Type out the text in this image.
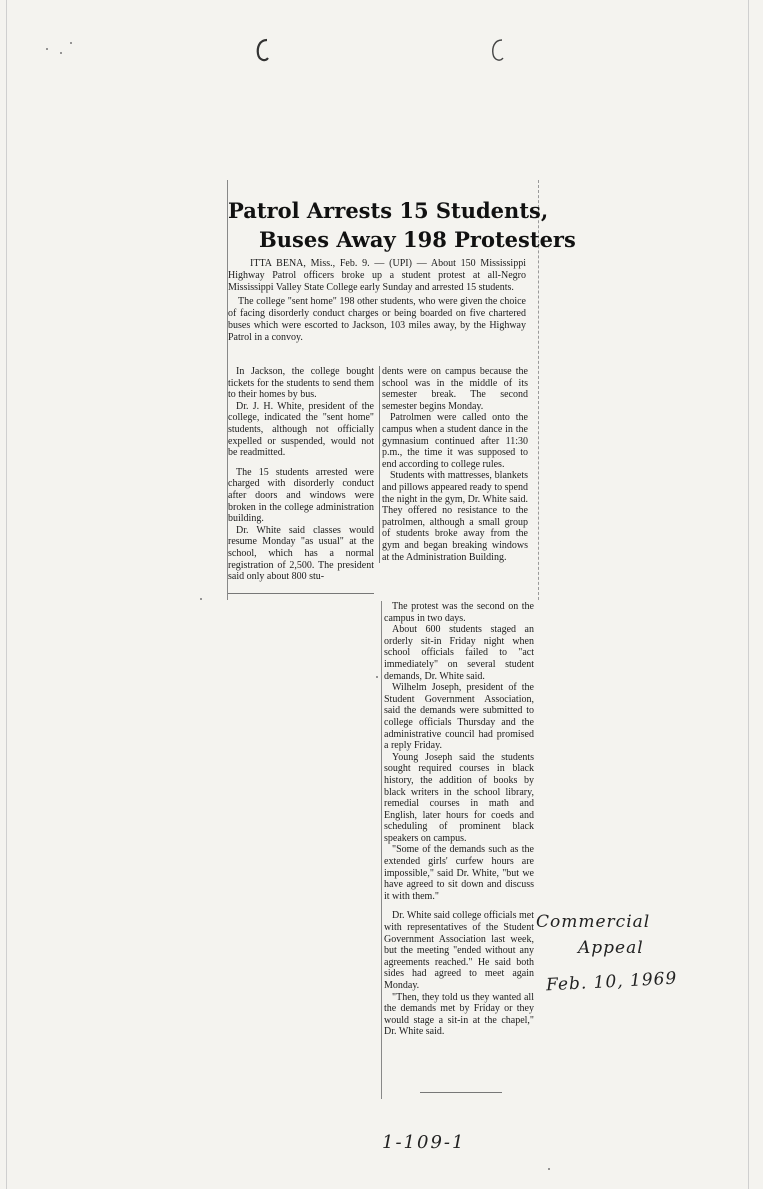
Patrol Arrests 15 Students,
Buses Away 198 Protesters
ITTA BENA, Miss., Feb. 9. — (UPI) — About 150 Mississippi Highway Patrol officers broke up a student protest at all-Negro Mississippi Valley State College early Sunday and arrested 15 students.
The college "sent home" 198 other students, who were given the choice of facing disorderly conduct charges or being boarded on five chartered buses which were escorted to Jackson, 103 miles away, by the Highway Patrol in a convoy.

In Jackson, the college bought tickets for the students to send them to their homes by bus.

Dr. J. H. White, president of the college, indicated the "sent home" students, although not officially expelled or suspended, would not be readmitted.

The 15 students arrested were charged with disorderly conduct after doors and windows were broken in the college administration building.

Dr. White said classes would resume Monday "as usual" at the school, which has a normal registration of 2,500. The president said only about 800 stu-

dents were on campus because the school was in the middle of its semester break. The second semester begins Monday.

Patrolmen were called onto the campus when a student dance in the gymnasium continued after 11:30 p.m., the time it was supposed to end according to college rules.

Students with mattresses, blankets and pillows appeared ready to spend the night in the gym, Dr. White said. They offered no resistance to the patrolmen, although a small group of students broke away from the gym and began breaking windows at the Administration Building.

The protest was the second on the campus in two days.

About 600 students staged an orderly sit-in Friday night when school officials failed to "act immediately" on several student demands, Dr. White said.

Wilhelm Joseph, president of the Student Government Association, said the demands were submitted to college officials Thursday and the administrative council had promised a reply Friday.

Young Joseph said the students sought required courses in black history, the addition of books by black writers in the school library, remedial courses in math and English, later hours for coeds and scheduling of prominent black speakers on campus.

"Some of the demands such as the extended girls' curfew hours are impossible," said Dr. White, "but we have agreed to sit down and discuss it with them."

Dr. White said college officials met with representatives of the Student Government Association last week, but the meeting "ended without any agreements reached." He said both sides had agreed to meet again Monday.

"Then, they told us they wanted all the demands met by Friday or they would stage a sit-in at the chapel," Dr. White said.

Commercial
Appeal
Feb. 10, 1969
1-109-1
